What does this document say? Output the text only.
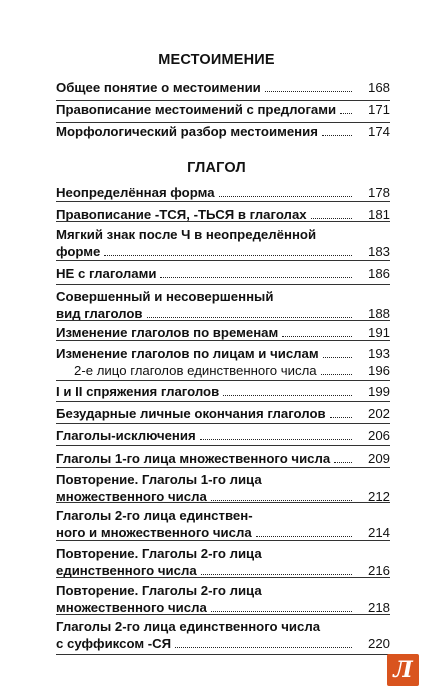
МЕСТОИМЕНИЕ
Общее понятие о местоимении	168
Правописание местоимений с предлогами 171
Морфологический разбор местоимения	174
ГЛАГОЛ
Неопределённая форма	178
Правописание -ТСЯ, -ТЬСЯ в глаголах	181
Мягкий знак после Ч в неопределённой
форме	183
НЕ с глаголами	186
Совершенный и несовершенный
вид глаголов	188
Изменение глаголов по временам	191
Изменение глаголов по лицам и числам	193
2-е лицо глаголов единственного числа	196
I и II спряжения глаголов	199
Безударные личные окончания глаголов	202
Глаголы-исключения	206
Глаголы 1-го лица множественного числа	209
Повторение. Глаголы 1-го лица
множественного числа	212
Глаголы 2-го лица единствен-
ного и множественного числа	214
Повторение. Глаголы 2-го лица
единственного числа	216
Повторение. Глаголы 2-го лица
множественного числа	218
Глаголы 2-го лица единственного числа
с суффиксом -СЯ	220
Л
